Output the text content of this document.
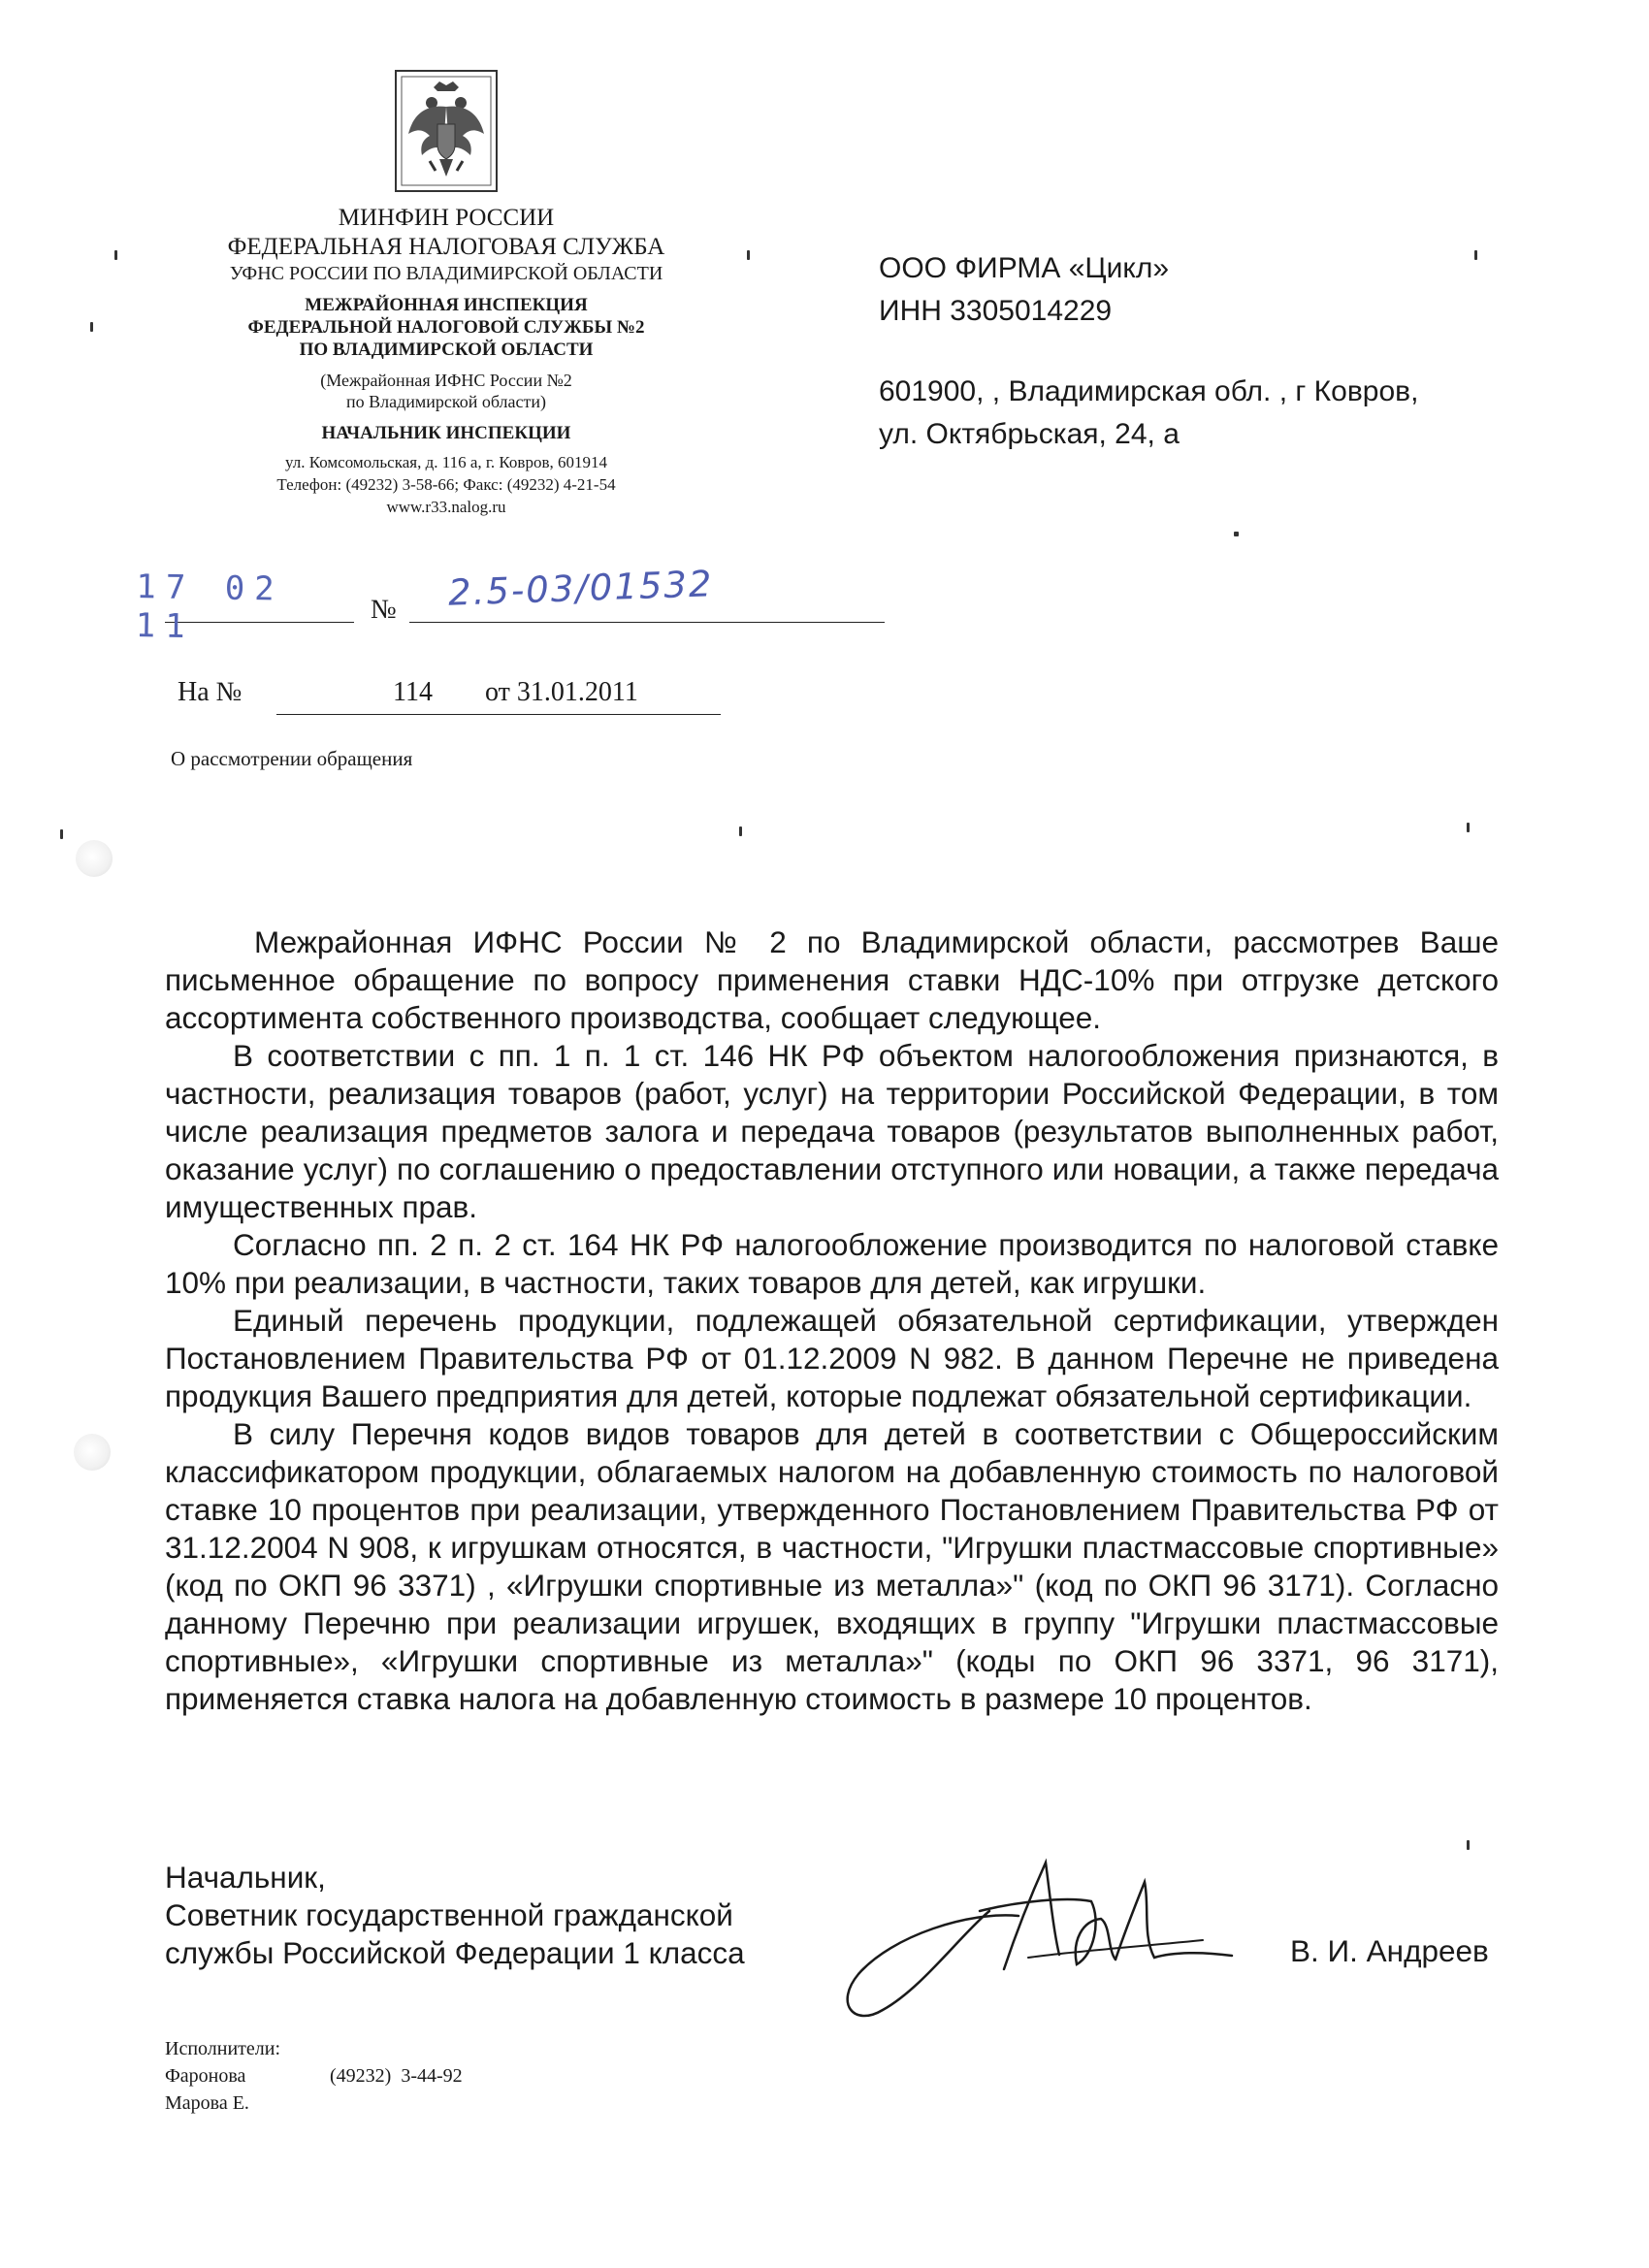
МИНФИН РОССИИ

ФЕДЕРАЛЬНАЯ НАЛОГОВАЯ СЛУЖБА

УФНС РОССИИ ПО ВЛАДИМИРСКОЙ ОБЛАСТИ

МЕЖРАЙОННАЯ ИНСПЕКЦИЯ

ФЕДЕРАЛЬНОЙ НАЛОГОВОЙ СЛУЖБЫ №2

ПО ВЛАДИМИРСКОЙ ОБЛАСТИ

(Межрайонная ИФНС России №2

по Владимирской области)

НАЧАЛЬНИК ИНСПЕКЦИИ

ул. Комсомольская, д. 116 а, г. Ковров, 601914
Телефон: (49232) 3-58-66; Факс: (49232) 4-21-54
www.r33.nalog.ru
17 02 11	№ 2.5-03/01532
На №	114 от 31.01.2011
О рассмотрении обращения
ООО ФИРМА «Цикл»
ИНН 3305014229
601900, , Владимирская обл. , г Ковров,
ул. Октябрьская, 24, а

Межрайонная ИФНС России № 2 по Владимирской области, рассмотрев Ваше письменное обращение по вопросу применения ставки НДС-10% при отгрузке детского ассортимента собственного производства, сообщает следующее.

В соответствии с пп. 1 п. 1 ст. 146 НК РФ объектом налогообложения признаются, в частности, реализация товаров (работ, услуг) на территории Российской Федерации, в том числе реализация предметов залога и передача товаров (результатов выполненных работ, оказание услуг) по соглашению о предоставлении отступного или новации, а также передача имущественных прав.

Согласно пп. 2 п. 2 ст. 164 НК РФ налогообложение производится по налоговой ставке 10% при реализации, в частности, таких товаров для детей, как игрушки.

Единый перечень продукции, подлежащей обязательной сертификации, утвержден Постановлением Правительства РФ от 01.12.2009 N 982. В данном Перечне не приведена продукция Вашего предприятия для детей, которые подлежат обязательной сертификации.

В силу Перечня кодов видов товаров для детей в соответствии с Общероссийским классификатором продукции, облагаемых налогом на добавленную стоимость по налоговой ставке 10 процентов при реализации, утвержденного Постановлением Правительства РФ от 31.12.2004 N 908, к игрушкам относятся, в частности, "Игрушки пластмассовые спортивные» (код по ОКП 96 3371) , «Игрушки спортивные из металла»" (код по ОКП 96 3171). Согласно данному Перечню при реализации игрушек, входящих в группу "Игрушки пластмассовые спортивные», «Игрушки спортивные из металла»" (коды по ОКП 96 3371, 96 3171), применяется ставка налога на добавленную стоимость в размере 10 процентов.

Начальник,
Советник государственной гражданской
службы Российской Федерации 1 класса	В. И. Андреев
Исполнители:
Фаронова	(49232)  3-44-92
Марова Е.
